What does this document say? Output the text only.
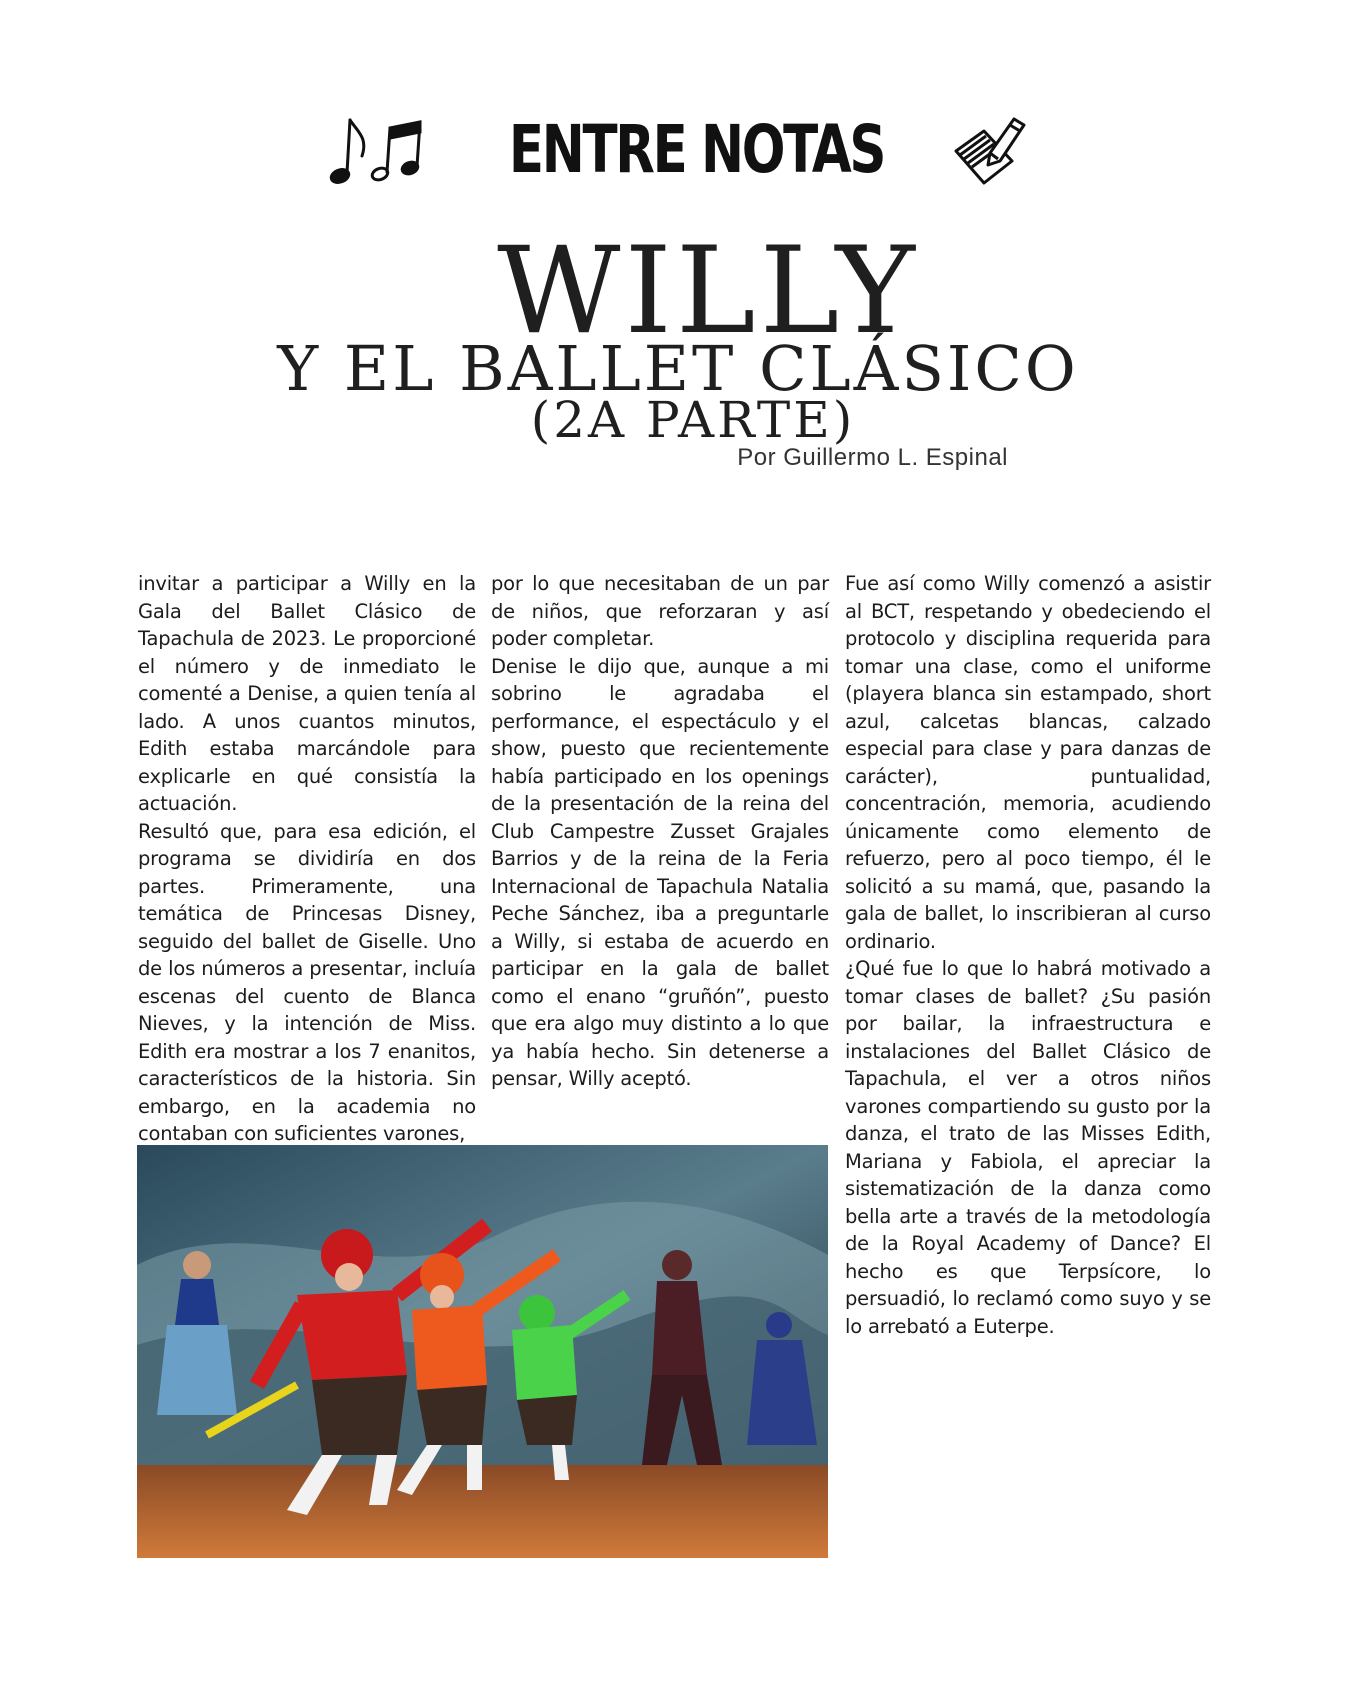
ENTRE NOTAS
WILLY
Y EL BALLET CLÁSICO
(2A PARTE)
Por Guillermo L. Espinal

invitar a participar a Willy en la Gala del Ballet Clásico de Tapachula de 2023. Le proporcioné el número y de inmediato le comenté a Denise, a quien tenía al lado. A unos cuantos minutos, Edith estaba marcándole para explicarle en qué consistía la actuación.

Resultó que, para esa edición, el programa se dividiría en dos partes. Primeramente, una temática de Princesas Disney, seguido del ballet de Giselle. Uno de los números a presentar, incluía escenas del cuento de Blanca Nieves, y la intención de Miss. Edith era mostrar a los 7 enanitos, característicos de la historia. Sin embargo, en la academia no contaban con suficientes varones,

por lo que necesitaban de un par de niños, que reforzaran y así poder completar.

Denise le dijo que, aunque a mi sobrino le agradaba el performance, el espectáculo y el show, puesto que recientemente había participado en los openings de la presentación de la reina del Club Campestre Zusset Grajales Barrios y de la reina de la Feria Internacional de Tapachula Natalia Peche Sánchez, iba a preguntarle a Willy, si estaba de acuerdo en participar en la gala de ballet como el enano “gruñón”, puesto que era algo muy distinto a lo que ya había hecho. Sin detenerse a pensar, Willy aceptó.

Fue así como Willy comenzó a asistir al BCT, respetando y obedeciendo el protocolo y disciplina requerida para tomar una clase, como el uniforme (playera blanca sin estampado, short azul, calcetas blancas, calzado especial para clase y para danzas de carácter), puntualidad, concentración, memoria, acudiendo únicamente como elemento de refuerzo, pero al poco tiempo, él le solicitó a su mamá, que, pasando la gala de ballet, lo inscribieran al curso ordinario.

¿Qué fue lo que lo habrá motivado a tomar clases de ballet? ¿Su pasión por bailar, la infraestructura e instalaciones del Ballet Clásico de Tapachula, el ver a otros niños varones compartiendo su gusto por la danza, el trato de las Misses Edith, Mariana y Fabiola, el apreciar la sistematización de la danza como bella arte a través de la metodología de la Royal Academy of Dance? El hecho es que Terpsícore, lo persuadió, lo reclamó como suyo y se lo arrebató a Euterpe.
